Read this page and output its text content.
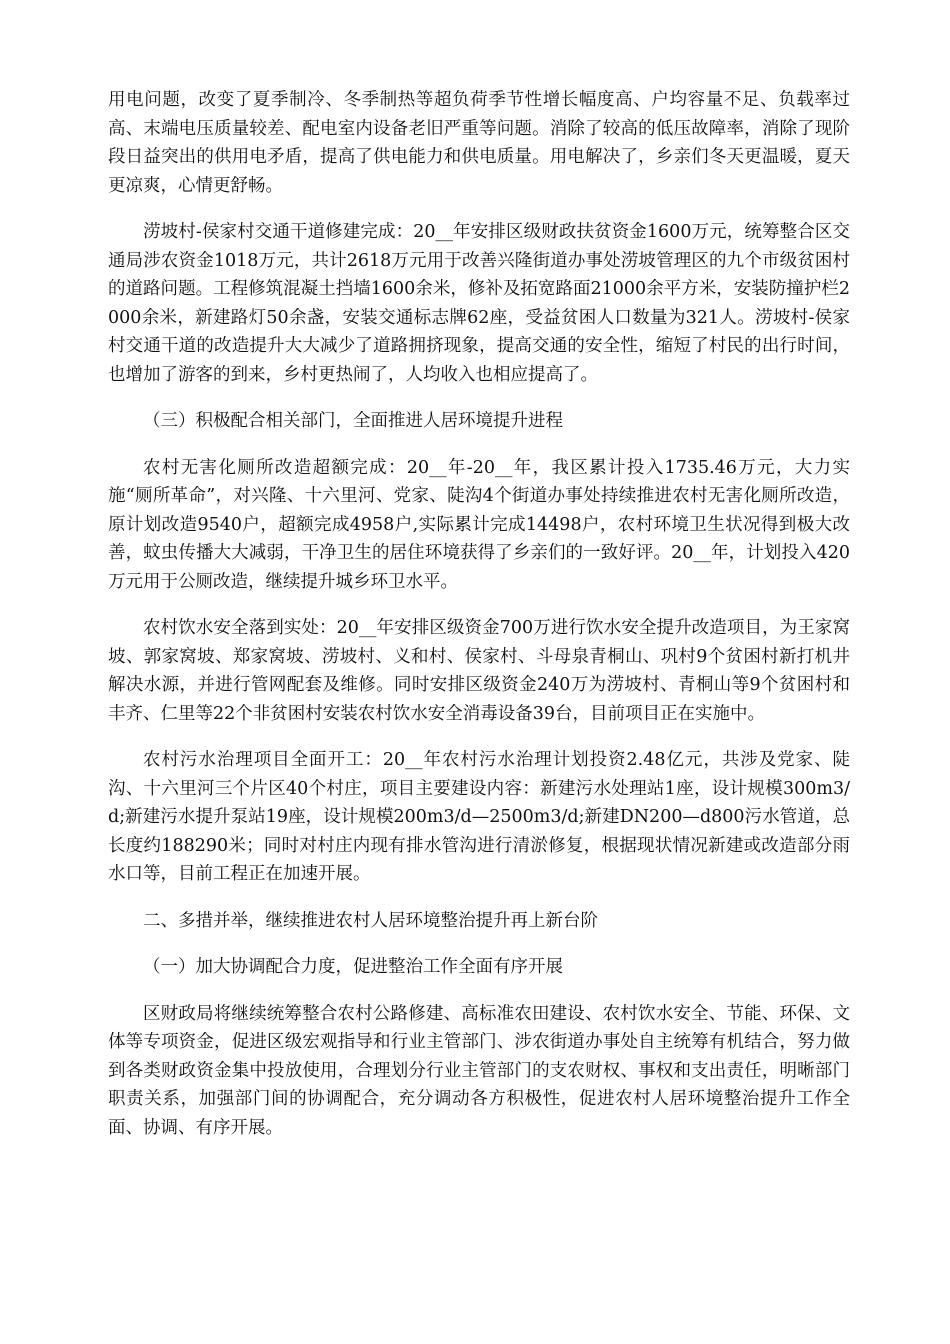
用电问题，改变了夏季制冷、冬季制热等超负荷季节性增长幅度高、户均容量不足、负载率过高、末端电压质量较差、配电室内设备老旧严重等问题。消除了较高的低压故障率，消除了现阶段日益突出的供用电矛盾，提高了供电能力和供电质量。用电解决了，乡亲们冬天更温暖，夏天更凉爽，心情更舒畅。

涝坡村-侯家村交通干道修建完成：20__年安排区级财政扶贫资金1600万元，统筹整合区交通局涉农资金1018万元，共计2618万元用于改善兴隆街道办事处涝坡管理区的九个市级贫困村的道路问题。工程修筑混凝土挡墙1600余米，修补及拓宽路面21000余平方米，安装防撞护栏2000余米，新建路灯50余盏，安装交通标志牌62座，受益贫困人口数量为321人。涝坡村-侯家村交通干道的改造提升大大减少了道路拥挤现象，提高交通的安全性，缩短了村民的出行时间，也增加了游客的到来，乡村更热闹了，人均收入也相应提高了。

（三）积极配合相关部门，全面推进人居环境提升进程

农村无害化厕所改造超额完成：20__年-20__年，我区累计投入1735.46万元，大力实施“厕所革命”，对兴隆、十六里河、党家、陡沟4个街道办事处持续推进农村无害化厕所改造，原计划改造9540户，超额完成4958户,实际累计完成14498户，农村环境卫生状况得到极大改善，蚊虫传播大大减弱，干净卫生的居住环境获得了乡亲们的一致好评。20__年，计划投入420万元用于公厕改造，继续提升城乡环卫水平。

农村饮水安全落到实处：20__年安排区级资金700万进行饮水安全提升改造项目，为王家窝坡、郭家窝坡、郑家窝坡、涝坡村、义和村、侯家村、斗母泉青桐山、巩村9个贫困村新打机井解决水源，并进行管网配套及维修。同时安排区级资金240万为涝坡村、青桐山等9个贫困村和丰齐、仁里等22个非贫困村安装农村饮水安全消毒设备39台，目前项目正在实施中。

农村污水治理项目全面开工：20__年农村污水治理计划投资2.48亿元，共涉及党家、陡沟、十六里河三个片区40个村庄，项目主要建设内容：新建污水处理站1座，设计规模300m3/d;新建污水提升泵站19座，设计规模200m3/d—2500m3/d;新建DN200—d800污水管道，总长度约188290米；同时对村庄内现有排水管沟进行清淤修复，根据现状情况新建或改造部分雨水口等，目前工程正在加速开展。

二、多措并举，继续推进农村人居环境整治提升再上新台阶

（一）加大协调配合力度，促进整治工作全面有序开展

区财政局将继续统筹整合农村公路修建、高标准农田建设、农村饮水安全、节能、环保、文体等专项资金，促进区级宏观指导和行业主管部门、涉农街道办事处自主统筹有机结合，努力做到各类财政资金集中投放使用，合理划分行业主管部门的支农财权、事权和支出责任，明晰部门职责关系，加强部门间的协调配合，充分调动各方积极性，促进农村人居环境整治提升工作全面、协调、有序开展。
